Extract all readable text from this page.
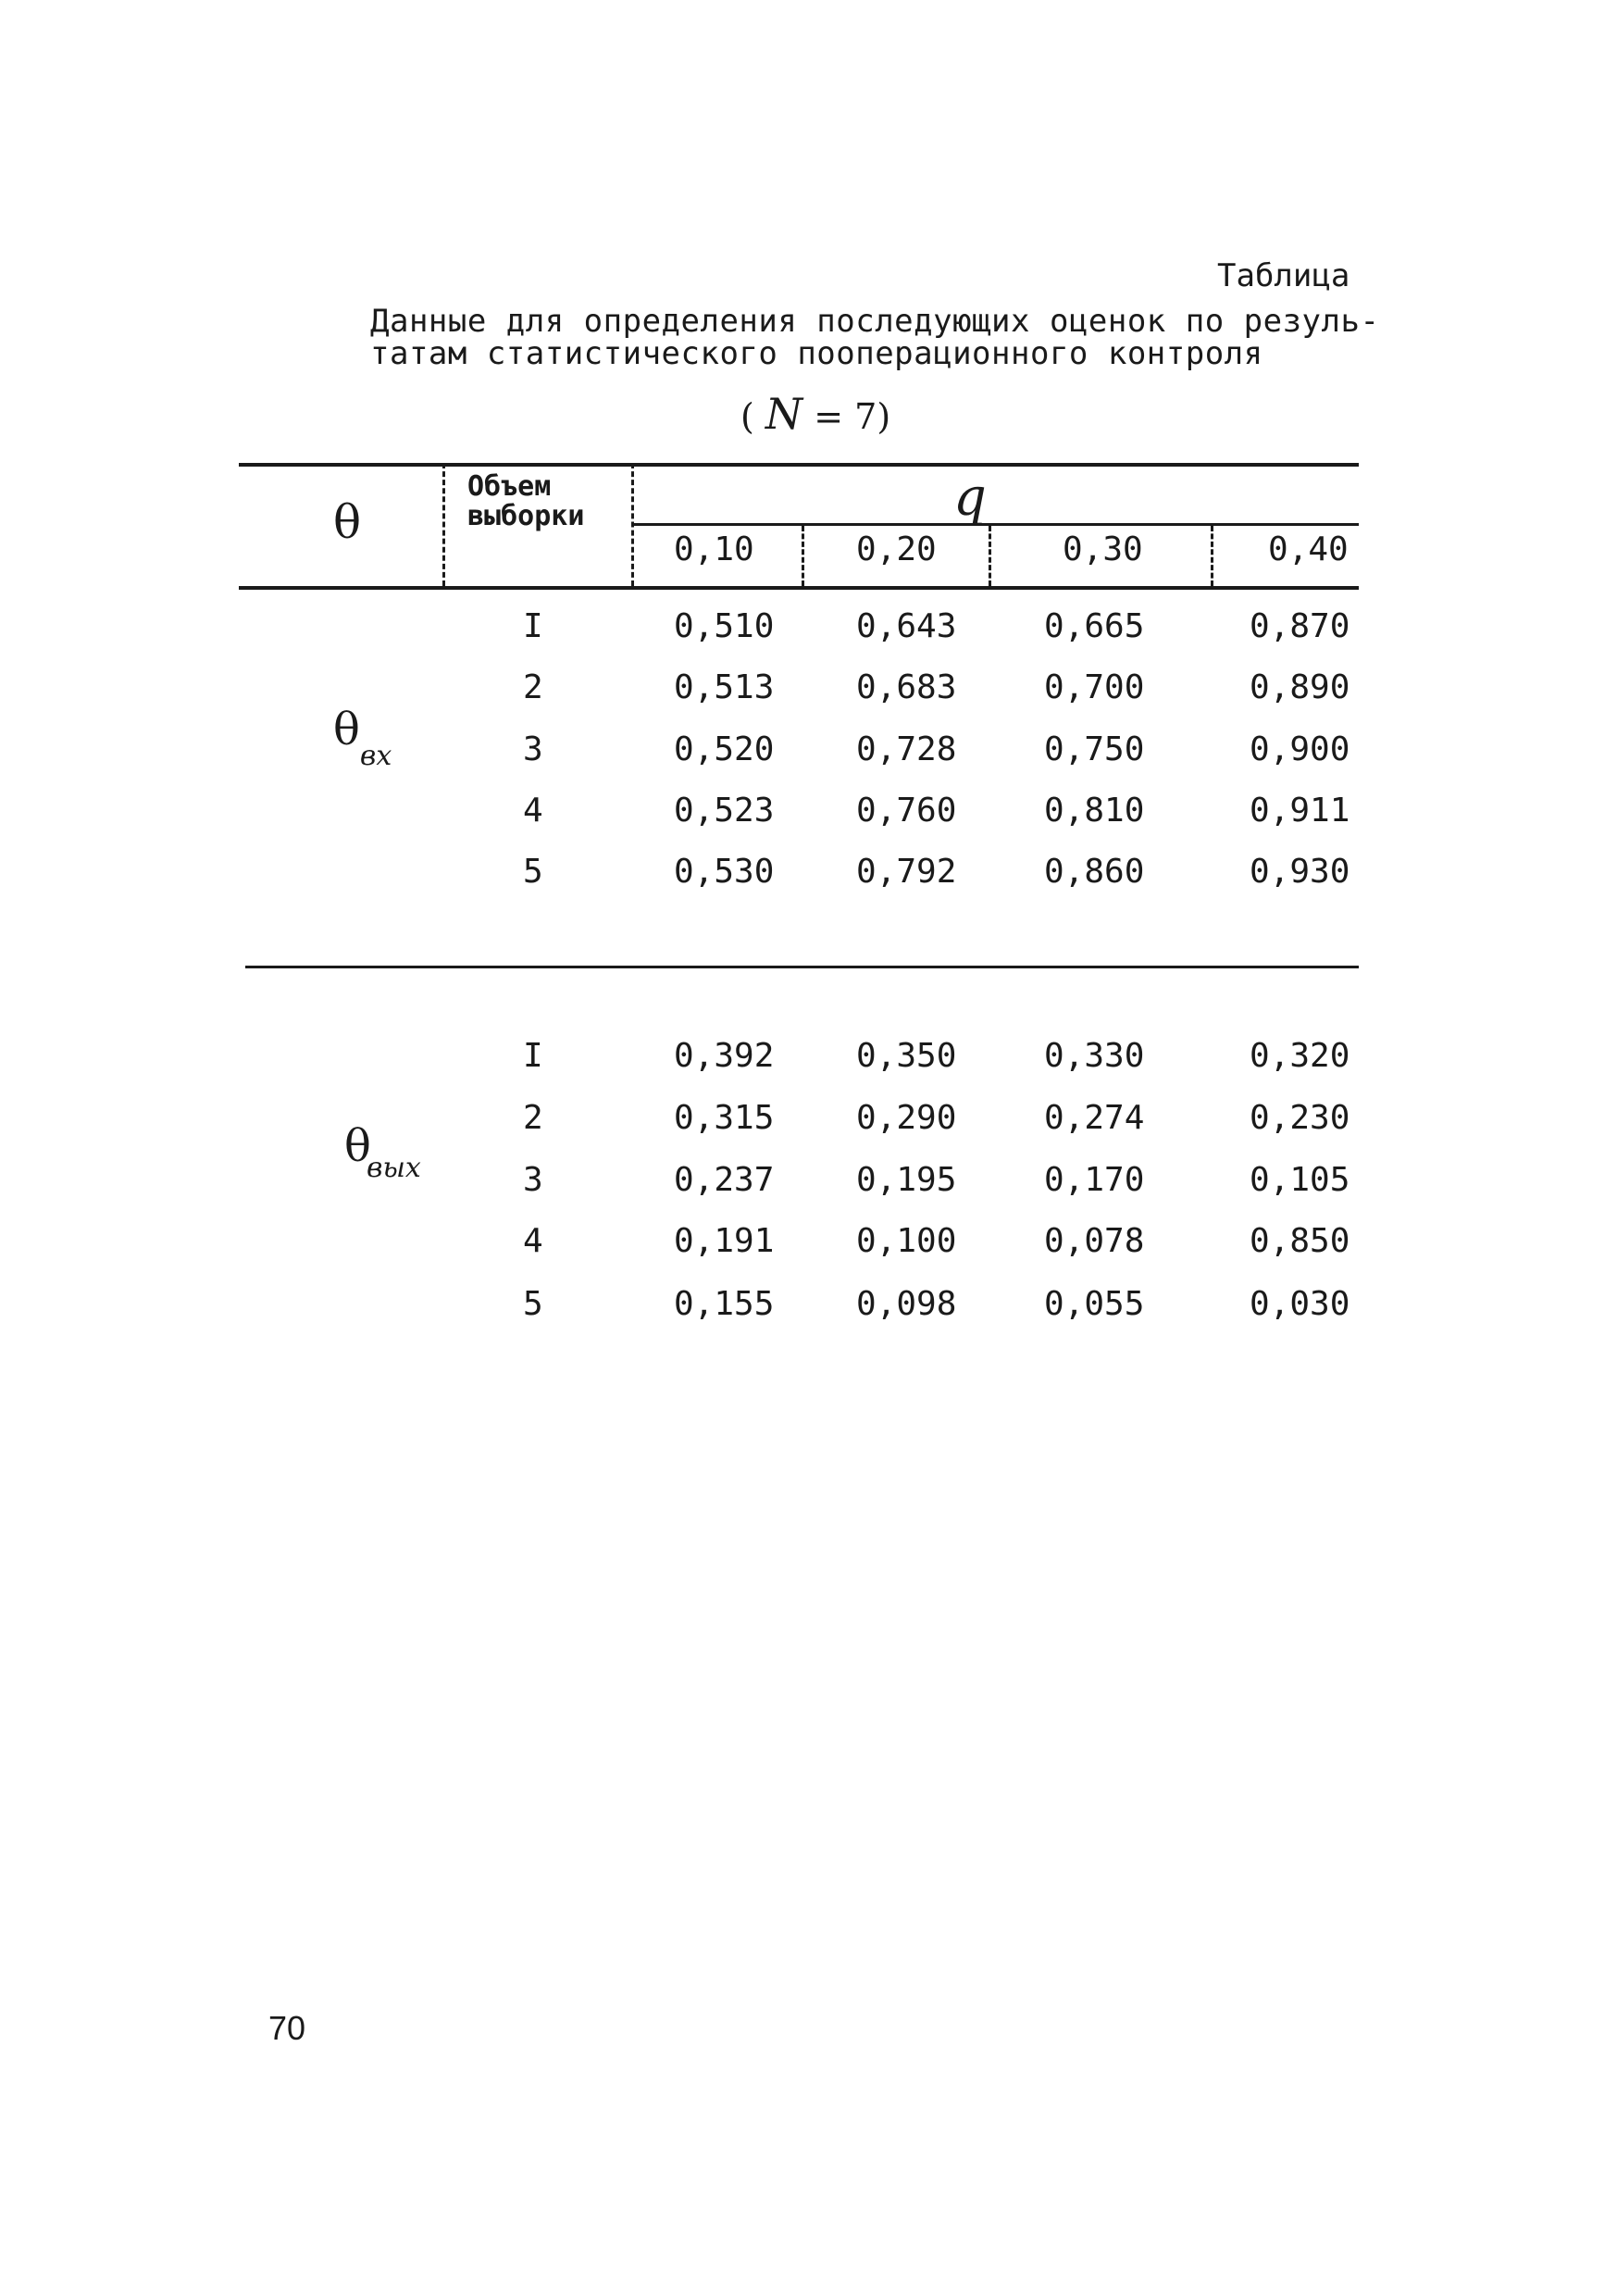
Таблица
Данные для определения последующих оценок по резуль-
татам статистического пооперационного контроля
( N = 7)
θ
Объем
выборки	q
0,10	0,20	0,30	0,40
θвх
θ
вых
I	0,510 0,643	0,665	0,870
2	0,513 0,683	0,700	0,890
3	0,520 0,728	0,750	0,900
4	0,523 0,760	0,810	0,911
5	0,530 0,792	0,860	0,930
I	0,392 0,350	0,330	0,320
2	0,315 0,290	0,274	0,230
3	0,237 0,195	0,170	0,105
4	0,191 0,100	0,078	0,850
5	0,155 0,098	0,055	0,030
70
